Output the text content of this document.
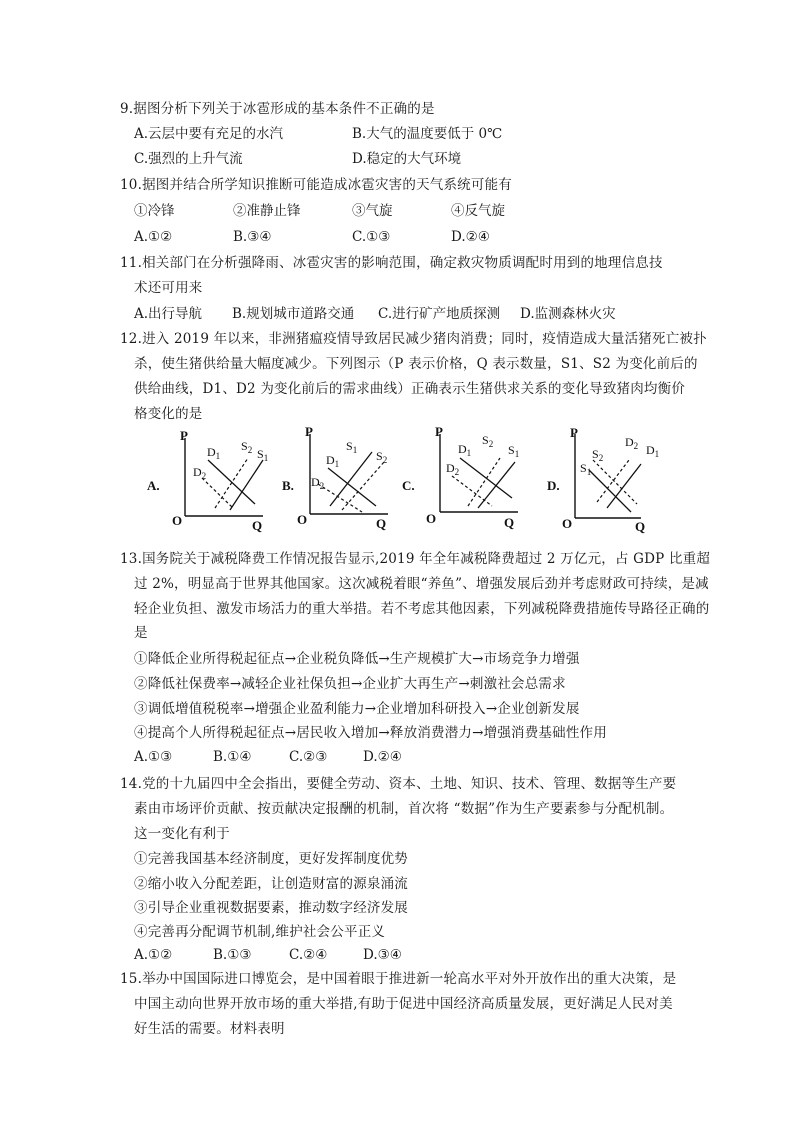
9.据图分析下列关于冰雹形成的基本条件不正确的是
A.云层中要有充足的水汽	B.大气的温度要低于 0℃
C.强烈的上升气流	D.稳定的大气环境
10.据图并结合所学知识推断可能造成冰雹灾害的天气系统可能有
①冷锋	②准静止锋	③气旋	④反气旋
A.①②	B.③④	C.①③	D.②④
11.相关部门在分析强降雨、冰雹灾害的影响范围，确定救灾物质调配时用到的地理信息技
术还可用来
A.出行导航 B.规划城市道路交通 C.进行矿产地质探测 D.监测森林火灾
12.进入 2019 年以来，非洲猪瘟疫情导致居民减少猪肉消费；同时，疫情造成大量活猪死亡被扑
杀，使生猪供给量大幅度减少。下列图示（P 表示价格，Q 表示数量，S1、S2 为变化前后的
供给曲线，D1、D2 为变化前后的需求曲线）正确表示生猪供求关系的变化导致猪肉均衡价
格变化的是
A.
P
Q
O
$D_1$
$D_2$
$S_2$ $S_1$
B.
P
Q
O
$D_1$
$D_2$
$S_1$ $S_2$
C.
P
Q
O
$D_1$
$D_2$
$S_2$ $S_1$
D.
P
Q
O
$S_1$
$S_2$
$D_2$ $D_1$
13.国务院关于减税降费工作情况报告显示,2019 年全年减税降费超过 2 万亿元，占 GDP 比重超
过 2%，明显高于世界其他国家。这次减税着眼“养鱼”、增强发展后劲并考虑财政可持续，是减
轻企业负担、激发市场活力的重大举措。若不考虑其他因素，下列减税降费措施传导路径正确的
是
①降低企业所得税起征点→企业税负降低→生产规模扩大→市场竞争力增强
②降低社保费率→减轻企业社保负担→企业扩大再生产→刺激社会总需求
③调低增值税税率→增强企业盈利能力→企业增加科研投入→企业创新发展
④提高个人所得税起征点→居民收入增加→释放消费潜力→增强消费基础性作用
A.①③	B.①④	C.②③	D.②④
14.党的十九届四中全会指出，要健全劳动、资本、土地、知识、技术、管理、数据等生产要
素由市场评价贡献、按贡献决定报酬的机制，首次将 “数据”作为生产要素参与分配机制。
这一变化有利于
①完善我国基本经济制度，更好发挥制度优势
②缩小收入分配差距，让创造财富的源泉涌流
③引导企业重视数据要素，推动数字经济发展
④完善再分配调节机制,维护社会公平正义
A.①②	B.①③	C.②④	D.③④
15.举办中国国际进口博览会，是中国着眼于推进新一轮高水平对外开放作出的重大决策，是
中国主动向世界开放市场的重大举措,有助于促进中国经济高质量发展，更好满足人民对美
好生活的需要。材料表明
